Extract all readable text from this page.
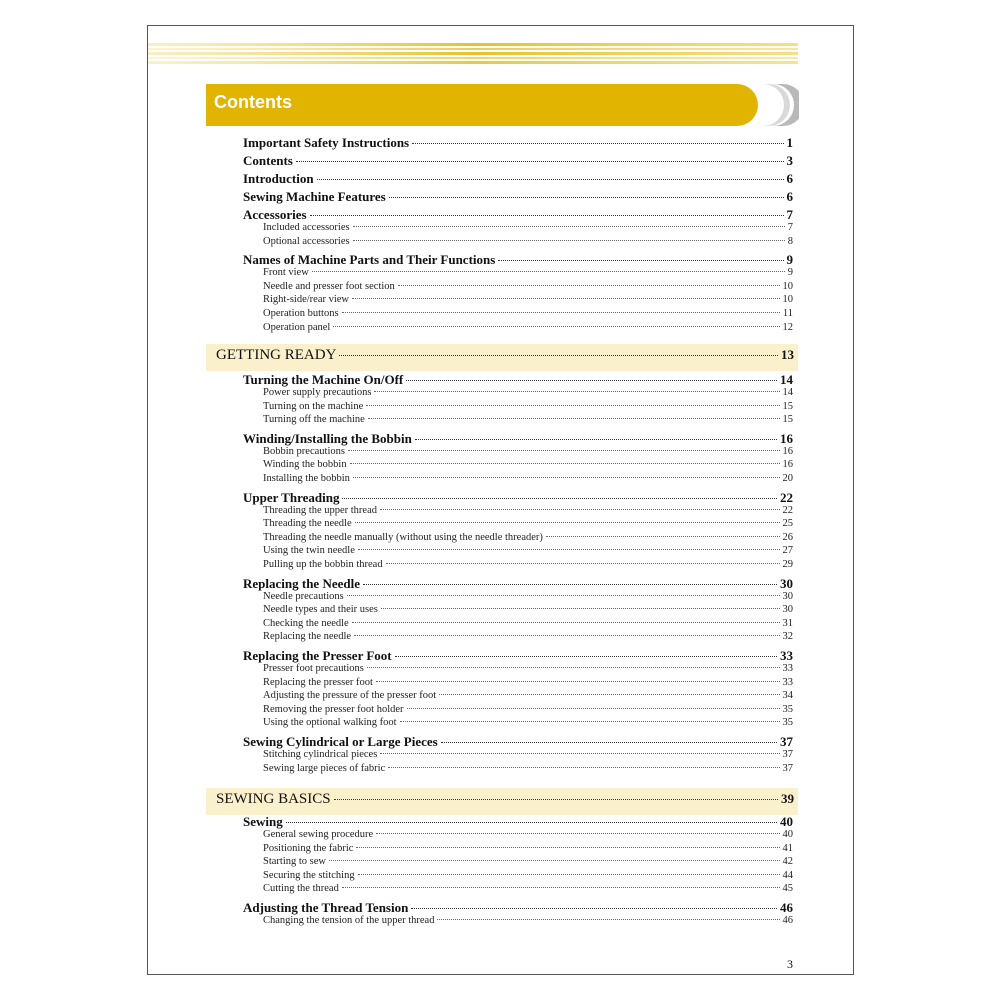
Contents
Important Safety Instructions	1
Contents	3
Introduction	6
Sewing Machine Features	6
Accessories	7
Included accessories	7
Optional accessories	8
Names of Machine Parts and Their Functions	9
Front view	9
Needle and presser foot section	10
Right-side/rear view	10
Operation buttons	11
Operation panel	12
GETTING READY	13
Turning the Machine On/Off	14
Power supply precautions	14
Turning on the machine	15
Turning off the machine	15
Winding/Installing the Bobbin	16
Bobbin precautions	16
Winding the bobbin	16
Installing the bobbin	20
Upper Threading	22
Threading the upper thread	22
Threading the needle	25
Threading the needle manually (without using the needle threader)	26
Using the twin needle	27
Pulling up the bobbin thread	29
Replacing the Needle	30
Needle precautions	30
Needle types and their uses	30
Checking the needle	31
Replacing the needle	32
Replacing the Presser Foot	33
Presser foot precautions	33
Replacing the presser foot	33
Adjusting the pressure of the presser foot	34
Removing the presser foot holder	35
Using the optional walking foot	35
Sewing Cylindrical or Large Pieces	37
Stitching cylindrical pieces	37
Sewing large pieces of fabric	37
SEWING BASICS	39
Sewing	40
General sewing procedure	40
Positioning the fabric	41
Starting to sew	42
Securing the stitching	44
Cutting the thread	45
Adjusting the Thread Tension	46
Changing the tension of the upper thread	46
3
